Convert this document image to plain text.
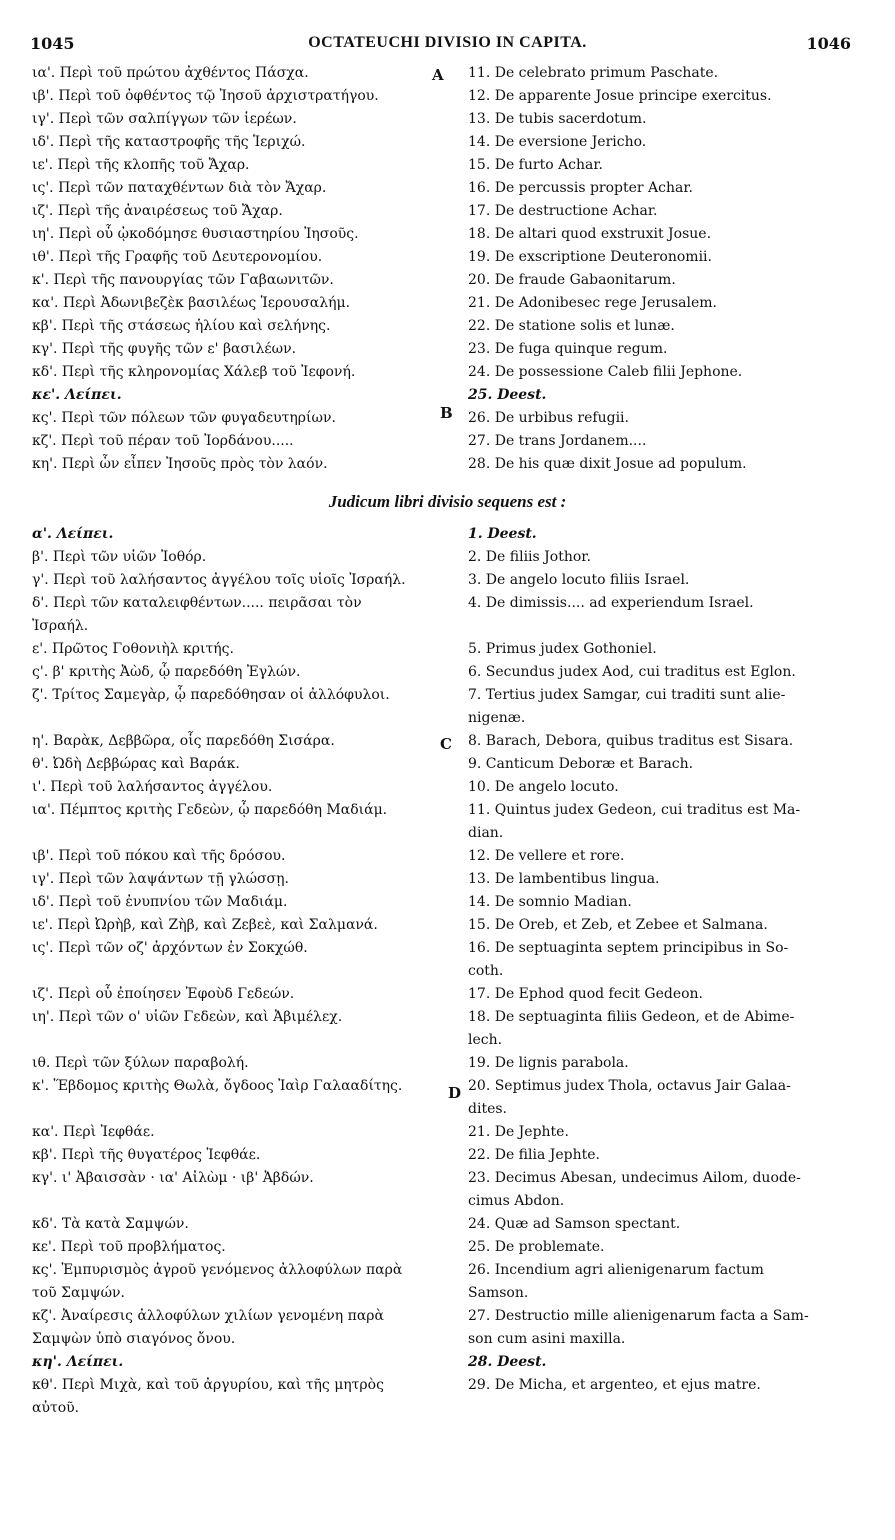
1045	OCTATEUCHI DIVISIO IN CAPITA.	1046
A
B
C
D
ια'. Περὶ τοῦ πρώτου ἀχθέντος Πάσχα.
ιβ'. Περὶ τοῦ ὀφθέντος τῷ Ἰησοῦ ἀρχιστρατήγου.
ιγ'. Περὶ τῶν σαλπίγγων τῶν ἱερέων.
ιδ'. Περὶ τῆς καταστροφῆς τῆς Ἱεριχώ.
ιε'. Περὶ τῆς κλοπῆς τοῦ Ἄχαρ.
ις'. Περὶ τῶν παταχθέντων διὰ τὸν Ἄχαρ.
ιζ'. Περὶ τῆς ἀναιρέσεως τοῦ Ἄχαρ.
ιη'. Περὶ οὗ ᾠκοδόμησε θυσιαστηρίου Ἰησοῦς.
ιθ'. Περὶ τῆς Γραφῆς τοῦ Δευτερονομίου.
κ'. Περὶ τῆς πανουργίας τῶν Γαβαωνιτῶν.
κα'. Περὶ Ἀδωνιβεζὲκ βασιλέως Ἱερουσαλήμ.
κβ'. Περὶ τῆς στάσεως ἡλίου καὶ σελήνης.
κγ'. Περὶ τῆς φυγῆς τῶν ε' βασιλέων.
κδ'. Περὶ τῆς κληρονομίας Χάλεβ τοῦ Ἰεφονή.
κε'. Λείπει.
κς'. Περὶ τῶν πόλεων τῶν φυγαδευτηρίων.
κζ'. Περὶ τοῦ πέραν τοῦ Ἰορδάνου.....
κη'. Περὶ ὧν εἶπεν Ἰησοῦς πρὸς τὸν λαόν.
11. De celebrato primum Paschate.
12. De apparente Josue principe exercitus.
13. De tubis sacerdotum.
14. De eversione Jericho.
15. De furto Achar.
16. De percussis propter Achar.
17. De destructione Achar.
18. De altari quod exstruxit Josue.
19. De exscriptione Deuteronomii.
20. De fraude Gabaonitarum.
21. De Adonibesec rege Jerusalem.
22. De statione solis et lunæ.
23. De fuga quinque regum.
24. De possessione Caleb filii Jephone.
25. Deest.
26. De urbibus refugii.
27. De trans Jordanem....
28. De his quæ dixit Josue ad populum.
Judicum libri divisio sequens est :
α'. Λείπει.
β'. Περὶ τῶν υἱῶν Ἰοθόρ.
γ'. Περὶ τοῦ λαλήσαντος ἀγγέλου τοῖς υἱοῖς Ἰσραήλ.
δ'. Περὶ τῶν καταλειφθέντων..... πειρᾶσαι τὸν
Ἰσραήλ.
ε'. Πρῶτος Γοθονιὴλ κριτής.
ς'. β' κριτὴς Ἀὼδ, ᾧ παρεδόθη Ἐγλών.
ζ'. Τρίτος Σαμεγὰρ, ᾧ παρεδόθησαν οἱ ἀλλόφυλοι.
η'. Βαρὰκ, Δεββῶρα, οἷς παρεδόθη Σισάρα.
θ'. Ὠδὴ Δεββώρας καὶ Βαράκ.
ι'. Περὶ τοῦ λαλήσαντος ἀγγέλου.
ια'. Πέμπτος κριτὴς Γεδεὼν, ᾧ παρεδόθη Μαδιάμ.
ιβ'. Περὶ τοῦ πόκου καὶ τῆς δρόσου.
ιγ'. Περὶ τῶν λαψάντων τῇ γλώσσῃ.
ιδ'. Περὶ τοῦ ἐνυπνίου τῶν Μαδιάμ.
ιε'. Περὶ Ὠρὴβ, καὶ Ζὴβ, καὶ Ζεβεὲ, καὶ Σαλμανά.
ις'. Περὶ τῶν οζ' ἀρχόντων ἐν Σοκχώθ.
ιζ'. Περὶ οὗ ἐποίησεν Ἐφοὺδ Γεδεών.
ιη'. Περὶ τῶν ο' υἱῶν Γεδεὼν, καὶ Ἀβιμέλεχ.
ιθ. Περὶ τῶν ξύλων παραβολή.
κ'. Ἕβδομος κριτὴς Θωλὰ, ὄγδοος Ἰαὶρ Γαλααδίτης.
κα'. Περὶ Ἰεφθάε.
κβ'. Περὶ τῆς θυγατέρος Ἰεφθάε.
κγ'. ι' Ἀβαισσὰν · ια' Αἰλὼμ · ιβ' Ἀβδών.
κδ'. Τὰ κατὰ Σαμψών.
κε'. Περὶ τοῦ προβλήματος.
κς'. Ἐμπυρισμὸς ἀγροῦ γενόμενος ἀλλοφύλων παρὰ
τοῦ Σαμψών.
κζ'. Ἀναίρεσις ἀλλοφύλων χιλίων γενομένη παρὰ
Σαμψὼν ὑπὸ σιαγόνος ὄνου.
κη'. Λείπει.
κθ'. Περὶ Μιχὰ, καὶ τοῦ ἀργυρίου, καὶ τῆς μητρὸς
αὐτοῦ.
1. Deest.
2. De filiis Jothor.
3. De angelo locuto filiis Israel.
4. De dimissis.... ad experiendum Israel.
5. Primus judex Gothoniel.
6. Secundus judex Aod, cui traditus est Eglon.
7. Tertius judex Samgar, cui traditi sunt alie-
nigenæ.
8. Barach, Debora, quibus traditus est Sisara.
9. Canticum Deboræ et Barach.
10. De angelo locuto.
11. Quintus judex Gedeon, cui traditus est Ma-
dian.
12. De vellere et rore.
13. De lambentibus lingua.
14. De somnio Madian.
15. De Oreb, et Zeb, et Zebee et Salmana.
16. De septuaginta septem principibus in So-
coth.
17. De Ephod quod fecit Gedeon.
18. De septuaginta filiis Gedeon, et de Abime-
lech.
19. De lignis parabola.
20. Septimus judex Thola, octavus Jair Galaa-
dites.
21. De Jephte.
22. De filia Jephte.
23. Decimus Abesan, undecimus Ailom, duode-
cimus Abdon.
24. Quæ ad Samson spectant.
25. De problemate.
26. Incendium agri alienigenarum factum
Samson.
27. Destructio mille alienigenarum facta a Sam-
son cum asini maxilla.
28. Deest.
29. De Micha, et argenteo, et ejus matre.
